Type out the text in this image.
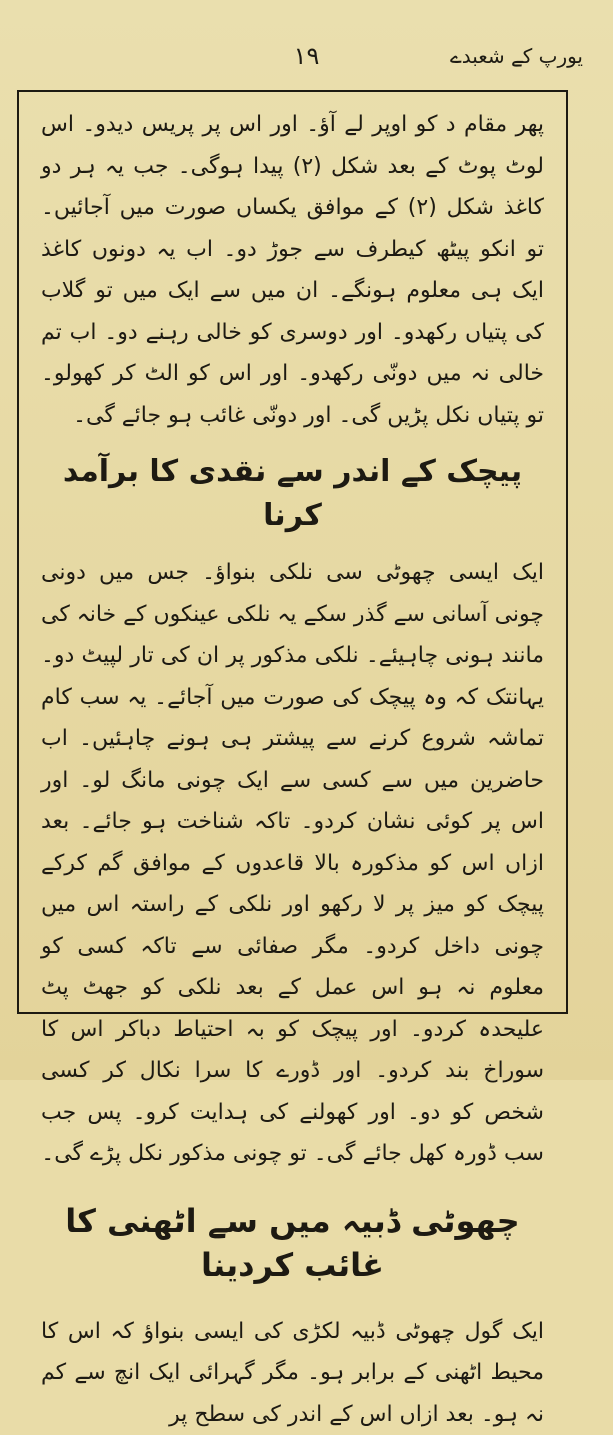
یورپ کے شعبدے
١٩

پھر مقام د کو اوپر لے آؤ۔ اور اس پر پریس دیدو۔ اس لوٹ پوٹ کے بعد شکل (۲) پیدا ہوگی۔ جب یہ ہر دو کاغذ شکل (۲) کے موافق یکساں صورت میں آجائیں۔ تو انکو پیٹھ کیطرف سے جوڑ دو۔ اب یہ دونوں کاغذ ایک ہی معلوم ہونگے۔ ان میں سے ایک میں تو گلاب کی پتیاں رکھدو۔ اور دوسری کو خالی رہنے دو۔ اب تم خالی نہ میں دونّی رکھدو۔ اور اس کو الٹ کر کھولو۔ تو پتیاں نکل پڑیں گی۔ اور دونّی غائب ہو جائے گی۔

پیچک کے اندر سے نقدی کا برآمد کرنا

ایک ایسی چھوٹی سی نلکی بنواؤ۔ جس میں دونی چونی آسانی سے گذر سکے یہ نلکی عینکوں کے خانہ کی مانند ہونی چاہیئے۔ نلکی مذکور پر ان کی تار لپیٹ دو۔ یہانتک کہ وہ پیچک کی صورت میں آجائے۔ یہ سب کام تماشہ شروع کرنے سے پیشتر ہی ہونے چاہئیں۔ اب حاضرین میں سے کسی سے ایک چونی مانگ لو۔ اور اس پر کوئی نشان کردو۔ تاکہ شناخت ہو جائے۔ بعد ازاں اس کو مذکورہ بالا قاعدوں کے موافق گم کرکے پیچک کو میز پر لا رکھو اور نلکی کے راستہ اس میں چونی داخل کردو۔ مگر صفائی سے تاکہ کسی کو معلوم نہ ہو اس عمل کے بعد نلکی کو جھٹ پٹ علیحدہ کردو۔ اور پیچک کو بہ احتیاط دباکر اس کا سوراخ بند کردو۔ اور ڈورے کا سرا نکال کر کسی شخص کو دو۔ اور کھولنے کی ہدایت کرو۔ پس جب سب ڈورہ کھل جائے گی۔ تو چونی مذکور نکل پڑے گی۔

چھوٹی ڈبیہ میں سے اٹھنی کا غائب کردینا

ایک گول چھوٹی ڈبیہ لکڑی کی ایسی بنواؤ کہ اس کا محیط اٹھنی کے برابر ہو۔ مگر گہرائی ایک انچ سے کم نہ ہو۔ بعد ازاں اس کے اندر کی سطح پر
